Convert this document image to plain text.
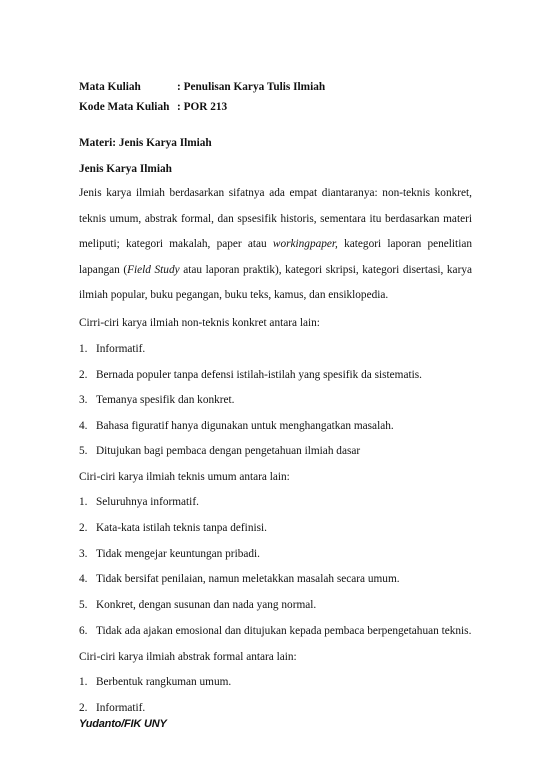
Mata Kuliah	: Penulisan Karya Tulis Ilmiah
Kode Mata Kuliah : POR 213
Materi: Jenis Karya Ilmiah
Jenis Karya Ilmiah
Jenis karya ilmiah berdasarkan sifatnya ada empat diantaranya: non-teknis konkret, teknis umum, abstrak formal, dan spsesifik historis, sementara itu berdasarkan materi meliputi; kategori makalah, paper atau workingpaper, kategori laporan penelitian lapangan (Field Study atau laporan praktik), kategori skripsi, kategori disertasi, karya ilmiah popular, buku pegangan, buku teks, kamus, dan ensiklopedia.
Cirri-ciri karya ilmiah non-teknis konkret antara lain:
1. Informatif.
2. Bernada populer tanpa defensi istilah-istilah yang spesifik da sistematis.
3. Temanya spesifik dan konkret.
4. Bahasa figuratif hanya digunakan untuk menghangatkan masalah.
5. Ditujukan bagi pembaca dengan pengetahuan ilmiah dasar
Ciri-ciri karya ilmiah teknis umum antara lain:
1. Seluruhnya informatif.
2. Kata-kata istilah teknis tanpa definisi.
3. Tidak mengejar keuntungan pribadi.
4. Tidak bersifat penilaian, namun meletakkan masalah secara umum.
5. Konkret, dengan susunan dan nada yang normal.
6. Tidak ada ajakan emosional dan ditujukan kepada pembaca berpengetahuan teknis.
Ciri-ciri karya ilmiah abstrak formal antara lain:
1. Berbentuk rangkuman umum.
2. Informatif.
Yudanto/FIK UNY
